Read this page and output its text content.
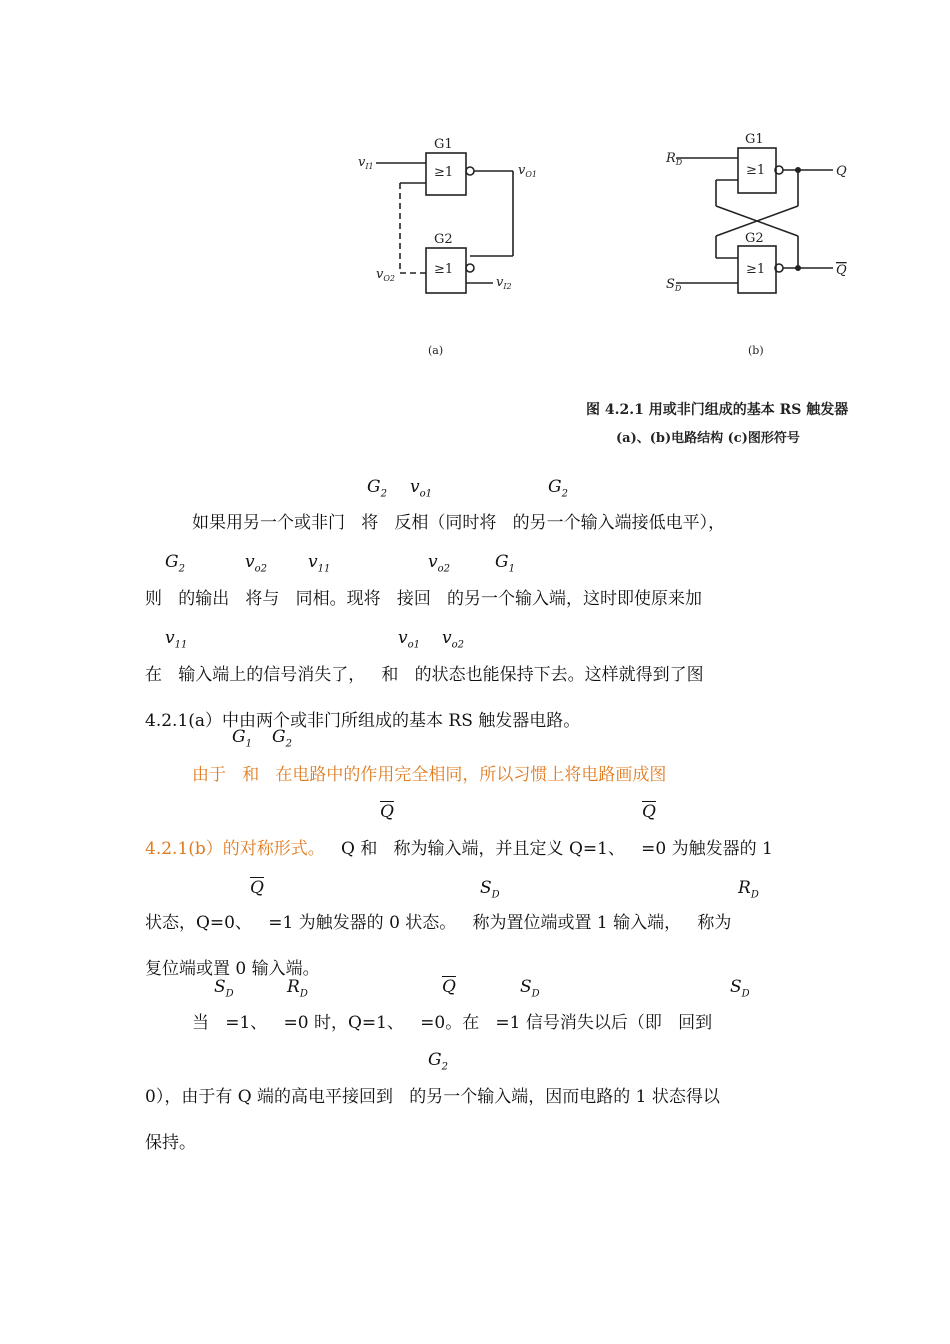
≥1
≥1
≥1
≥1
G1
G2
G1
G2
$v_{I1}$	$v_{O1}$
$v_{O2}$	$v_{I2}$
$R_D$
$S_D$
Q
Q
(a)	(b)
图 4.2.1 用或非门组成的基本 RS 触发器
(a)、(b)电路结构 (c)图形符号
$G_2$ $v_{o1}$	$G_2$
如果用另一个或非门   将   反相（同时将   的另一个输入端接低电平），
$G_2$	$v_{o2}$ $v_{11}$	$v_{o2}$	$G_1$
则   的输出   将与   同相。现将   接回   的另一个输入端，这时即使原来加
$v_{11}$	$v_{o1}$ $v_{o2}$
在   输入端上的信号消失了，   和   的状态也能保持下去。这样就得到了图
4.2.1(a）中由两个或非门所组成的基本 RS 触发器电路。
$G_1$ $G_2$
由于   和   在电路中的作用完全相同，所以习惯上将电路画成图
$\overline{Q}$	$\overline{Q}$

4.2.1(b）的对称形式。

Q 和   称为输入端，并且定义 Q=1、   =0 为触发器的 1

$\overline{Q}$	$S_D$	$R_D$
状态，Q=0、   =1 为触发器的 0 状态。   称为置位端或置 1 输入端，   称为
复位端或置 0 输入端。
$S_D$	$R_D$	$\overline{Q}$	$S_D$	$S_D$
当   =1、   =0 时，Q=1、   =0。在   =1 信号消失以后（即   回到
$G_2$
0），由于有 Q 端的高电平接回到   的另一个输入端，因而电路的 1 状态得以
保持。
